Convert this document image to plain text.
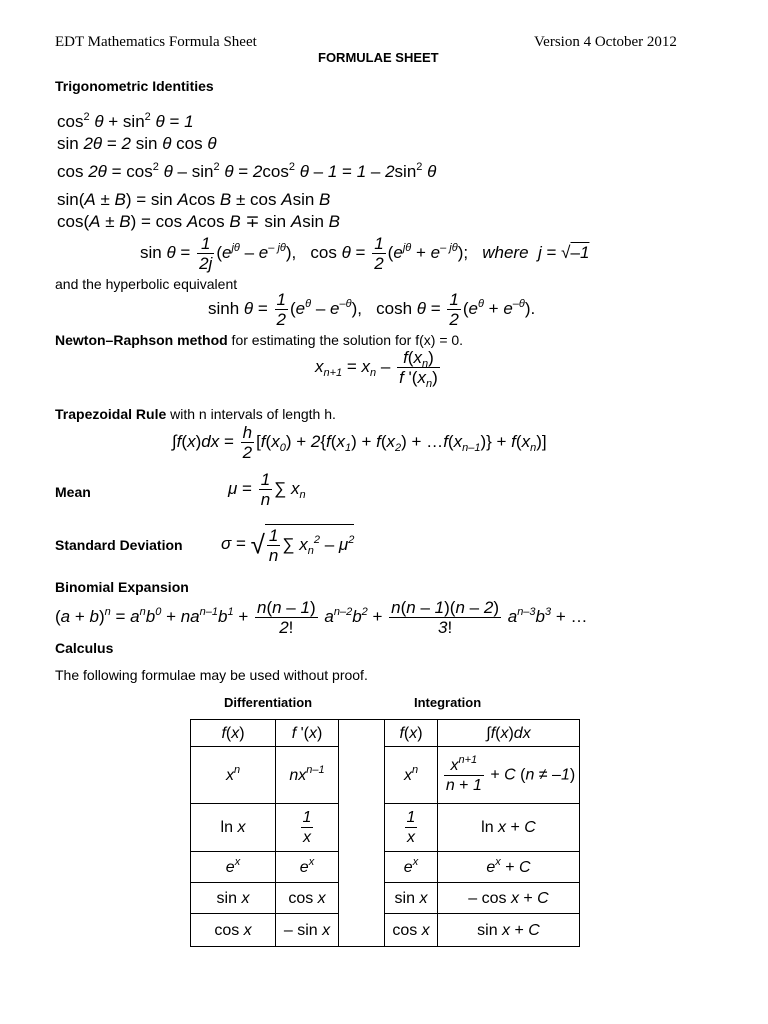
EDT Mathematics Formula Sheet	Version 4 October 2012
FORMULAE SHEET
Trigonometric Identities
$\cos^2 \theta + \sin^2 \theta = 1$
sin 2θ = 2 sin θ cos θ
$\cos 2\theta = \cos^2 \theta - \sin^2 \theta = 2\cos^2$ $\theta - 1 = 1 - 2\sin^2$ θ
sin(A ± B) = sin Acos B ± cos Asin B
cos(A ± B) = cos Acos B ∓ sin Asin B
$\sin \theta = \frac{1}{2j} (e^{j\theta} - e^{- j\theta})$,   $\cos \theta = \frac{1}{2} (e^{j\theta} + e^{- j\theta})$;   where j = √–1
and the hyperbolic equivalent
$\sinh \theta = \frac{1}{2} (e^\theta - e^{-\theta})$,   $\cosh \theta = \frac{1}{2} (e^\theta + e^{-\theta})$.
Newton–Raphson method for estimating the solution for f(x) = 0.
$x_{n+1} = x_n - \frac{f(x_n)}{f '(x_n)}$
Trapezoidal Rule with n intervals of length h.
$\int f(x)dx = \frac{h}{2} [f(x_0) + 2\{f(x_1) + f(x_2)$ + $\dots f(x_{n-1})\} + f(x_n)$]
Mean	$\mu = \frac{1}{n}$ ∑ $x_n$
Standard Deviation σ = √ $\frac{1}{n}$ ∑ $x_n^2 - \mu^2$
Binomial Expansion
$(a + b)^n = a^nb^0 + na^{n-1}b^1 + \frac{n(n - 1)}{2!} a^{n-2}b^2 + \frac{n(n - 1)(n - 2)}{3!} a^{n-3}b^3$ + …
Calculus
The following formulae may be used without proof.
Differentiation	Integration
f(x)	f '(x)		f(x)	∫f(x)dx
$x^n$	$nx^{n-1}$		$x^n$	$\frac{x^{n+1}}{n + 1} + C$ (n ≠ –1)
ln x	$\frac{1}{x}$		$\frac{1}{x}$	ln x + C
$e^x$	$e^x$		$e^x$	$e^x + C$
sin x	cos x		sin x	– cos x + C
cos x	– sin x		cos x	sin x + C
